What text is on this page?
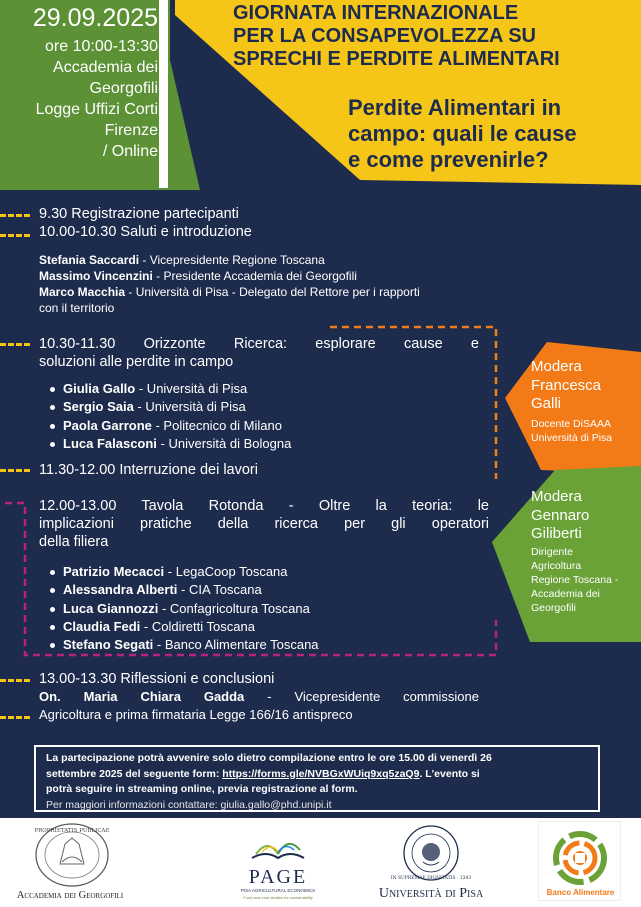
29.09.2025
ore 10:00-13:30
Accademia dei
Georgofili
Logge Uffizi Corti
Firenze
/ Online
GIORNATA INTERNAZIONALE
PER LA CONSAPEVOLEZZA SU
SPRECHI E PERDITE ALIMENTARI
Perdite Alimentari in
campo: quali le cause
e come prevenirle?
9.30 Registrazione partecipanti
10.00-10.30 Saluti e introduzione
Stefania Saccardi - Vicepresidente Regione Toscana
Massimo Vincenzini - Presidente Accademia dei Georgofili
Marco Macchia - Università di Pisa - Delegato del Rettore per i rapporti
con il territorio
10.30-11.30 Orizzonte Ricerca: esplorare cause e
soluzioni alle perdite in campo
Giulia Gallo - Università di Pisa
Sergio Saia - Università di Pisa
Paola Garrone - Politecnico di Milano
Luca Falasconi - Università di Bologna
11.30-12.00 Interruzione dei lavori
12.00-13.00 Tavola Rotonda - Oltre la teoria: le
implicazioni pratiche della ricerca per gli operatori
della filiera
Patrizio Mecacci - LegaCoop Toscana
Alessandra Alberti - CIA Toscana
Luca Giannozzi - Confagricoltura Toscana
Claudia Fedi - Coldiretti Toscana
Stefano Segati - Banco Alimentare Toscana
13.00-13.30 Riflessioni e conclusioni
On. Maria Chiara Gadda - Vicepresidente commissione
Agricoltura e prima firmataria Legge 166/16 antispreco
Modera
Francesca
Galli
Docente DiSAAA
Università di Pisa
Modera
Gennaro
Giliberti
Dirigente
Agricoltura
Regione Toscana -
Accademia dei
Georgofili

La partecipazione potrà avvenire solo dietro compilazione entro le ore 15.00 di venerdì 26

settembre 2025 del seguente form: https://forms.gle/NVBGxWUiq9xq5zaQ9. L'evento si

potrà seguire in streaming online, previa registrazione al form.

Per maggiori informazioni contattare: giulia.gallo@phd.unipi.it

PROPRIETATIS PUBLICAE
Accademia dei Georgofili
PAGE
PISA AGRICULTURAL ECONOMICS
Food and rural studies for sustainability
IN SUPREMAE DIGNITATIS · 1343
Università di Pisa	Banco Alimentare
